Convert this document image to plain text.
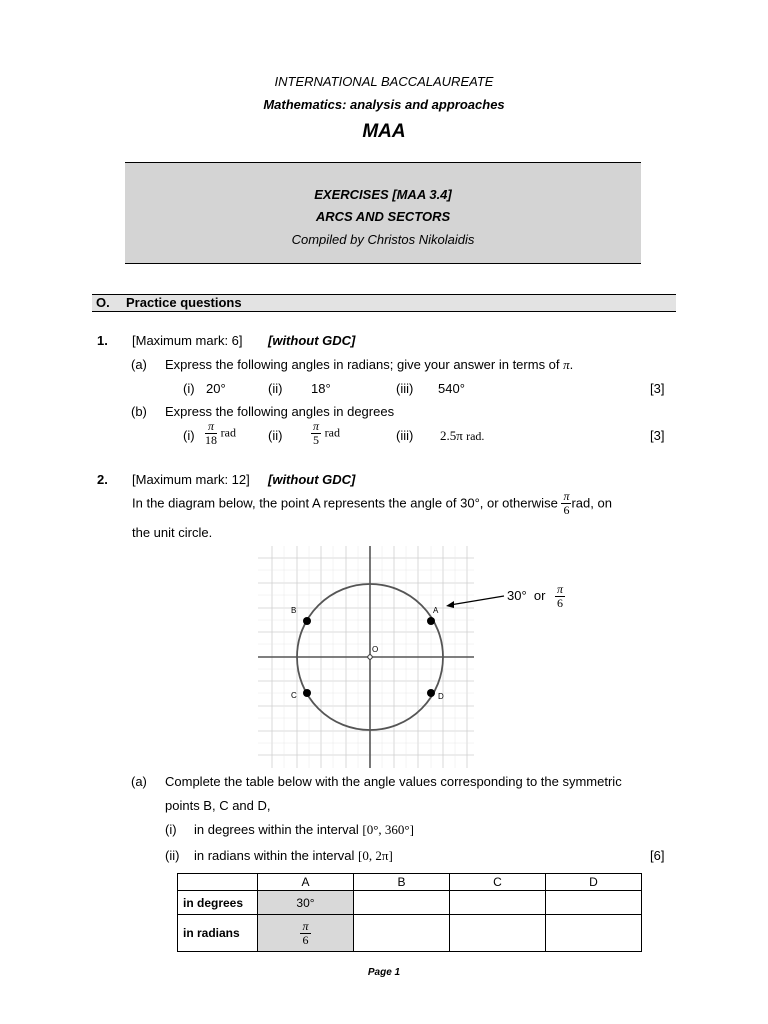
INTERNATIONAL BACCALAUREATE
Mathematics: analysis and approaches
MAA
EXERCISES [MAA 3.4]
ARCS AND SECTORS
Compiled by Christos Nikolaidis
O. Practice questions
1. [Maximum mark: 6] [without GDC]
(a) Express the following angles in radians; give your answer in terms of π.
(i) 20°	(ii) 18°	(iii) 540°	[3]
(b) Express the following angles in degrees
$(i) \frac{\pi}{18}$ rad $(ii) \frac{\pi}{5}$ rad	(iii) 2.5π rad.	[3]
2. [Maximum mark: 12] [without GDC]
In the diagram below, the point A represents the angle of 30°, or otherwise $\frac{\pi}{6}$ rad, on
the unit circle.
A
B
C	D
O
30° or $\frac{\pi}{6}$
(a) Complete the table below with the angle values corresponding to the symmetric
points B, C and D,
(i) in degrees within the interval [0°, 360°]
(ii) in radians within the interval [0, 2π]	[6]
	A	B	C	D
in degrees	30°			
in radians	$\frac{\pi}{6}$

Page 1
